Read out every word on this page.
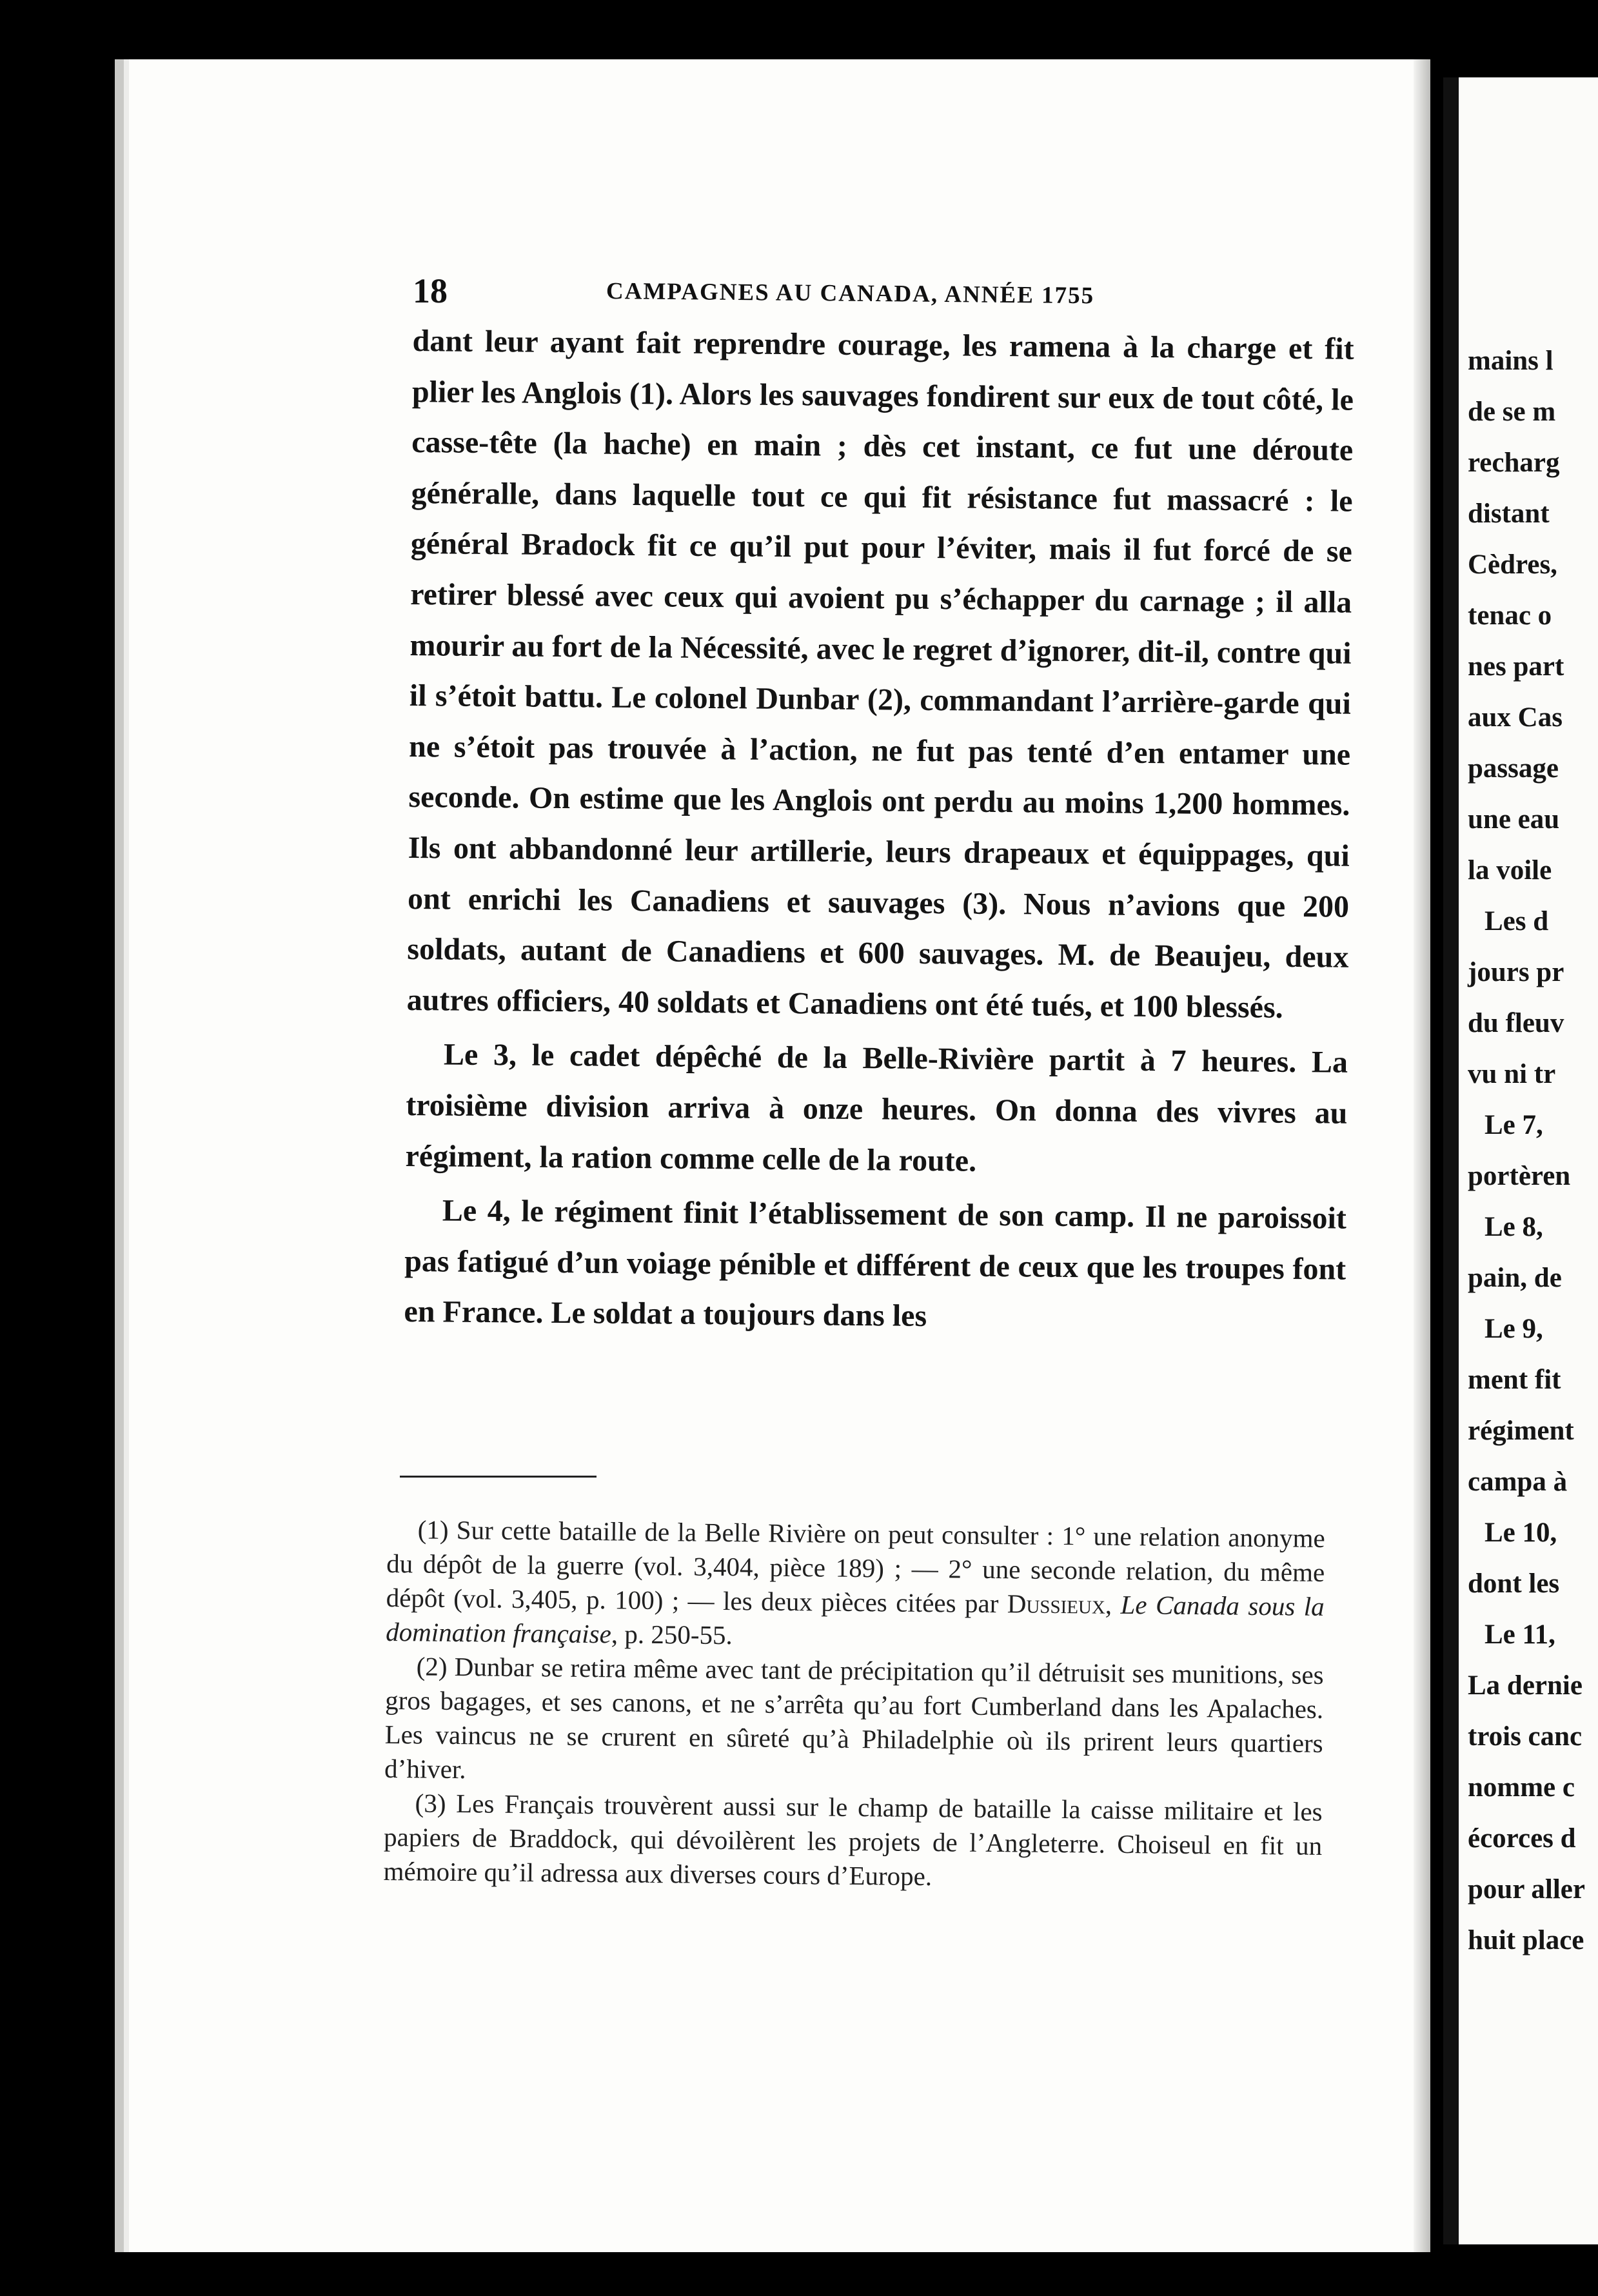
18	CAMPAGNES AU CANADA, ANNÉE 1755

dant leur ayant fait reprendre courage, les ramena à la charge et fit plier les Anglois (1). Alors les sauvages fondirent sur eux de tout côté, le casse-tête (la hache) en main ; dès cet instant, ce fut une déroute généralle, dans laquelle tout ce qui fit résistance fut massacré : le général Bradock fit ce qu’il put pour l’éviter, mais il fut forcé de se retirer blessé avec ceux qui avoient pu s’échapper du carnage ; il alla mourir au fort de la Nécessité, avec le regret d’ignorer, dit-il, contre qui il s’étoit battu. Le colonel Dunbar (2), commandant l’arrière-garde qui ne s’étoit pas trouvée à l’action, ne fut pas tenté d’en entamer une seconde. On estime que les Anglois ont perdu au moins 1,200 hommes. Ils ont abbandonné leur artillerie, leurs drapeaux et équippages, qui ont enrichi les Canadiens et sauvages (3). Nous n’avions que 200 soldats, autant de Canadiens et 600 sauvages. M. de Beaujeu, deux autres officiers, 40 soldats et Canadiens ont été tués, et 100 blessés.

Le 3, le cadet dépêché de la Belle-Rivière partit à 7 heures. La troisième division arriva à onze heures. On donna des vivres au régiment, la ration comme celle de la route.

Le 4, le régiment finit l’établissement de son camp. Il ne paroissoit pas fatigué d’un voiage pénible et différent de ceux que les troupes font en France. Le soldat a toujours dans les

(1) Sur cette bataille de la Belle Rivière on peut consulter : 1° une relation anonyme du dépôt de la guerre (vol. 3,404, pièce 189) ; — 2° une seconde relation, du même dépôt (vol. 3,405, p. 100) ; — les deux pièces citées par Dussieux, Le Canada sous la domination française, p. 250-55.

(2) Dunbar se retira même avec tant de précipitation qu’il détruisit ses munitions, ses gros bagages, et ses canons, et ne s’arrêta qu’au fort Cumberland dans les Apalaches. Les vaincus ne se crurent en sûreté qu’à Philadelphie où ils prirent leurs quartiers d’hiver.

(3) Les Français trouvèrent aussi sur le champ de bataille la caisse militaire et les papiers de Braddock, qui dévoilèrent les projets de l’Angleterre. Choiseul en fit un mémoire qu’il adressa aux diverses cours d’Europe.

mains l
de se m
recharg
distant
Cèdres,
tenac o
nes part
aux Cas
passage
une eau
la voile
Les d
jours pr
du fleuv
vu ni tr
Le 7,
portèren
Le 8,
pain, de
Le 9,
ment fit
régiment
campa à
Le 10,
dont les
Le 11,
La dernie
trois canc
nomme c
écorces d
pour aller
huit place
